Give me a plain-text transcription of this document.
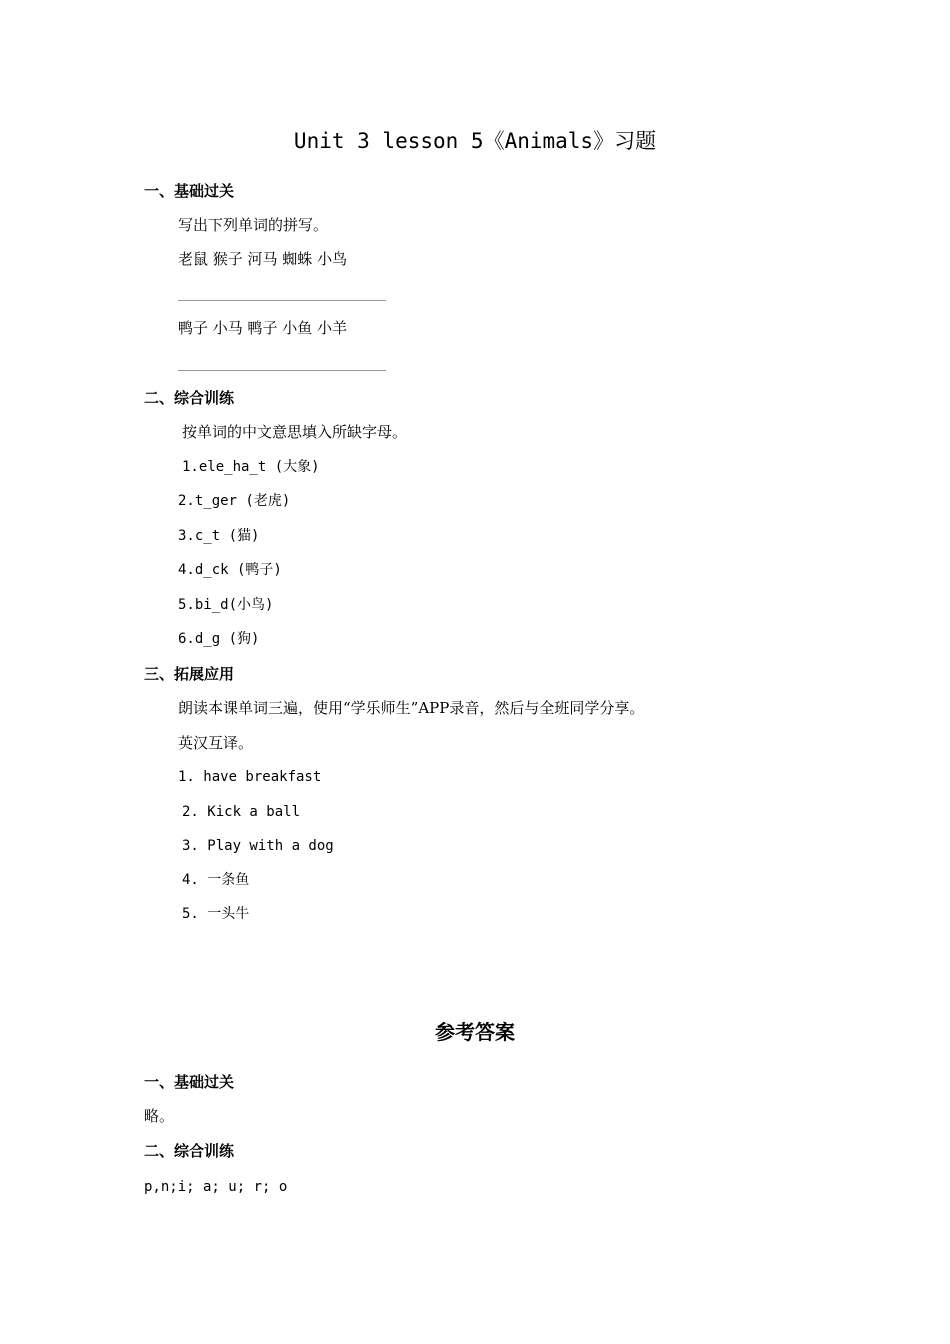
Unit 3 lesson 5《Animals》习题
一、基础过关
写出下列单词的拼写。
老鼠 猴子 河马 蜘蛛 小鸟
鸭子 小马 鸭子 小鱼 小羊
二、综合训练
按单词的中文意思填入所缺字母。
1.ele_ha_t (大象)
2.t_ger (老虎)
3.c_t (猫)
4.d_ck (鸭子)
5.bi_d(小鸟)
6.d_g (狗)
三、拓展应用
朗读本课单词三遍，使用“学乐师生”APP录音，然后与全班同学分享。
英汉互译。
1. have breakfast
2. Kick a ball
3. Play with a dog
4. 一条鱼
5. 一头牛
参考答案
一、基础过关
略。
二、综合训练
p,n;i; a; u; r; o
